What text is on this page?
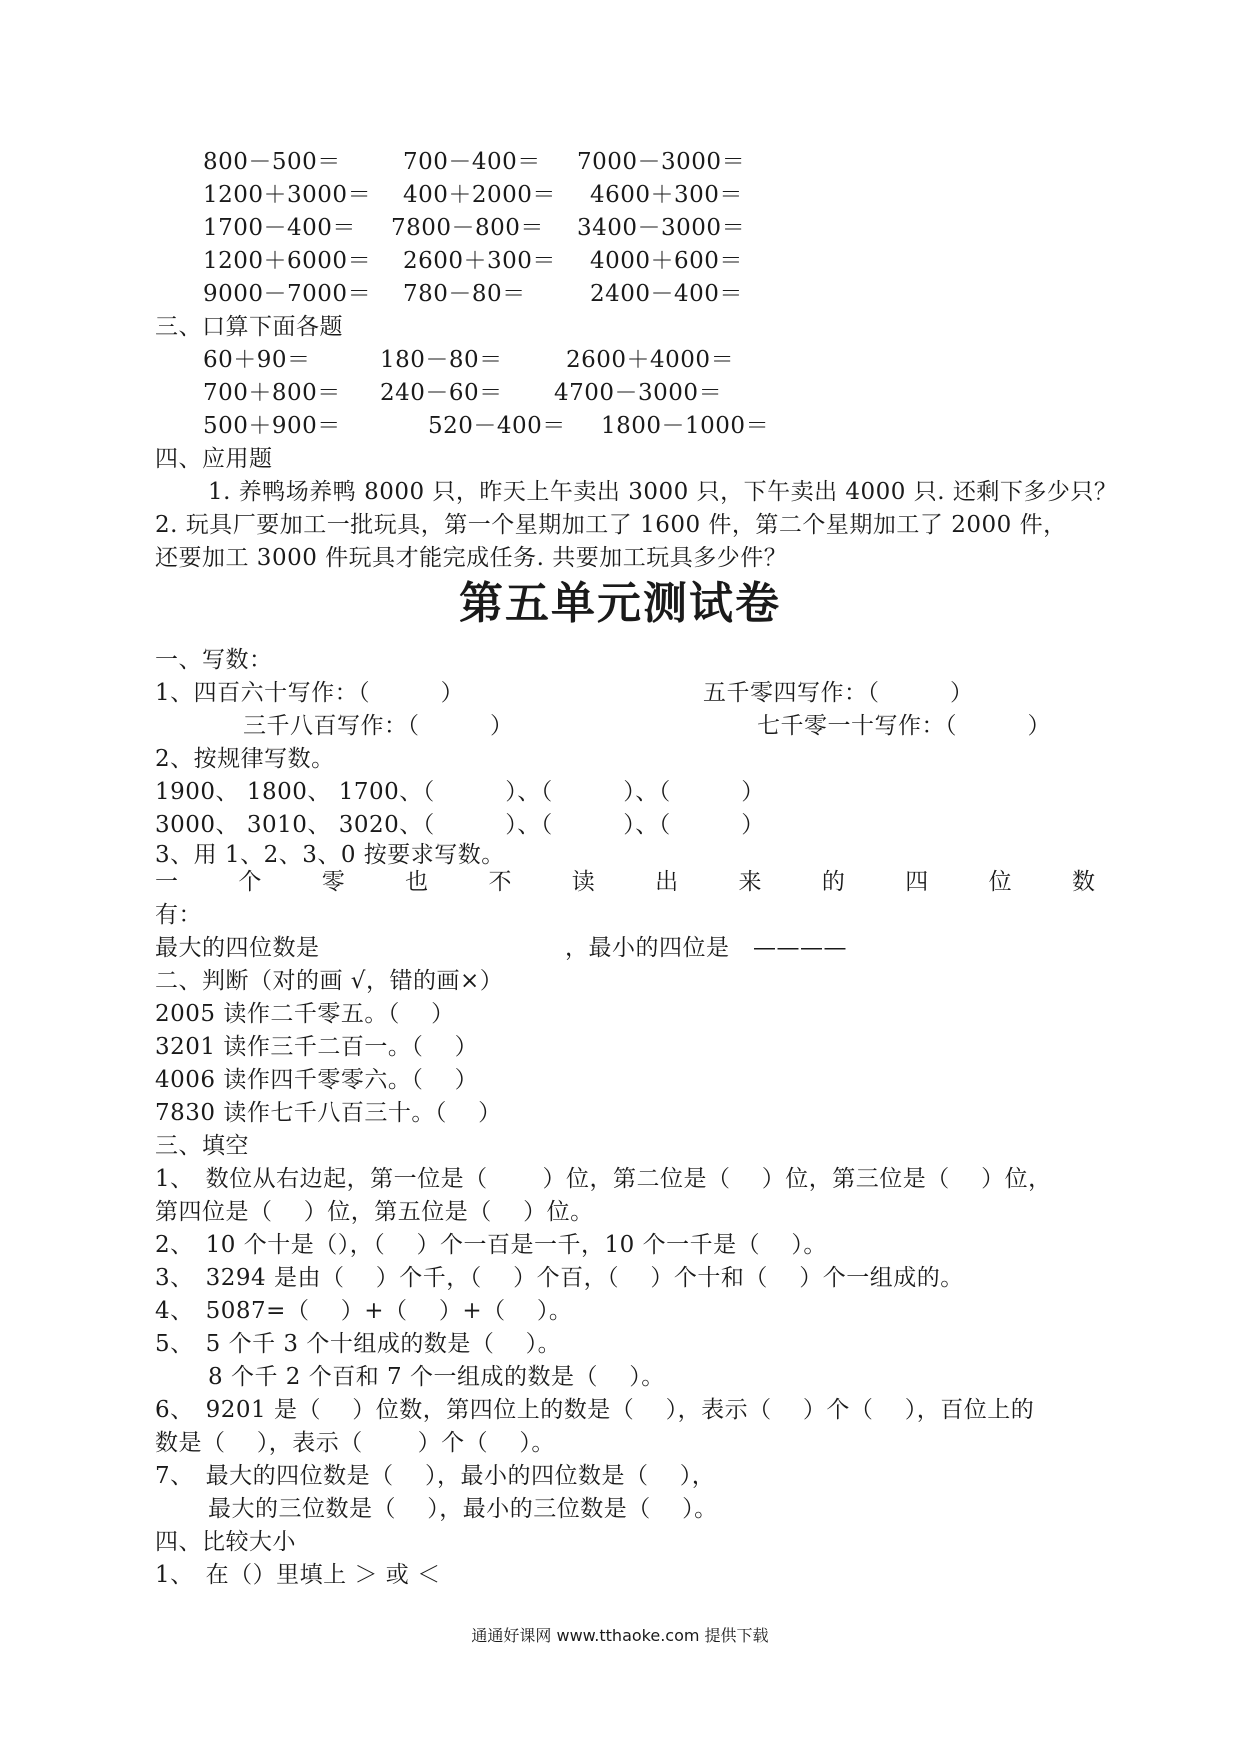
800－500＝	700－400＝ 7000－3000＝
1200＋3000＝ 400＋2000＝ 4600＋300＝
1700－400＝ 7800－800＝ 3400－3000＝
1200＋6000＝ 2600＋300＝ 4000＋600＝
9000－7000＝ 780－80＝	2400－400＝
三、口算下面各题
60＋90＝	180－80＝	2600＋4000＝
700＋800＝ 240－60＝ 4700－3000＝
500＋900＝	520－400＝ 1800－1000＝
四、应用题
1. 养鸭场养鸭 8000 只，昨天上午卖出 3000 只，下午卖出 4000 只. 还剩下多少只？
2. 玩具厂要加工一批玩具，第一个星期加工了 1600 件，第二个星期加工了 2000 件，
还要加工 3000 件玩具才能完成任务. 共要加工玩具多少件？
第五单元测试卷
一、写数：
1、四百六十写作：（　　　）	五千零四写作：（　　　）
三千八百写作：（　　　）	七千零一十写作：（　　　）
2、按规律写数。
1900、 1800、 1700、（　　　）、（　　　）、（　　　）
3000、 3010、 3020、（　　　）、（　　　）、（　　　）
3、用 1、2、3、0 按要求写数。
一	个	零	也	不	读	出	来	的	四	位	数
有：
最大的四位数是	，最小的四位是　————
二、判断（对的画 √，错的画×）
2005 读作二千零五。（　 ）
3201 读作三千二百一。（　 ）
4006 读作四千零零六。（　 ）
7830 读作七千八百三十。（　 ）
三、填空
1、　数位从右边起，第一位是（　　 ）位，第二位是（　 ）位，第三位是（　 ）位，
第四位是（　 ）位，第五位是（　 ）位。
2、　10 个十是（），（　 ）个一百是一千，10 个一千是（　 ）。
3、　3294 是由（　 ）个千，（　 ）个百，（　 ）个十和（　 ）个一组成的。
4、　5087=（　 ）+（　 ）+（　 ）。
5、　5 个千 3 个十组成的数是（　 ）。
8 个千 2 个百和 7 个一组成的数是（　 ）。
6、　9201 是（　 ）位数，第四位上的数是（　 ），表示（　 ）个（　 ），百位上的
数是（　 ），表示（　　 ）个（　 ）。
7、　最大的四位数是（　 ），最小的四位数是（　 ），
最大的三位数是（　 ），最小的三位数是（　 ）。
四、比较大小
1、　在（）里填上 ＞ 或 ＜
通通好课网 www.tthaoke.com 提供下载
